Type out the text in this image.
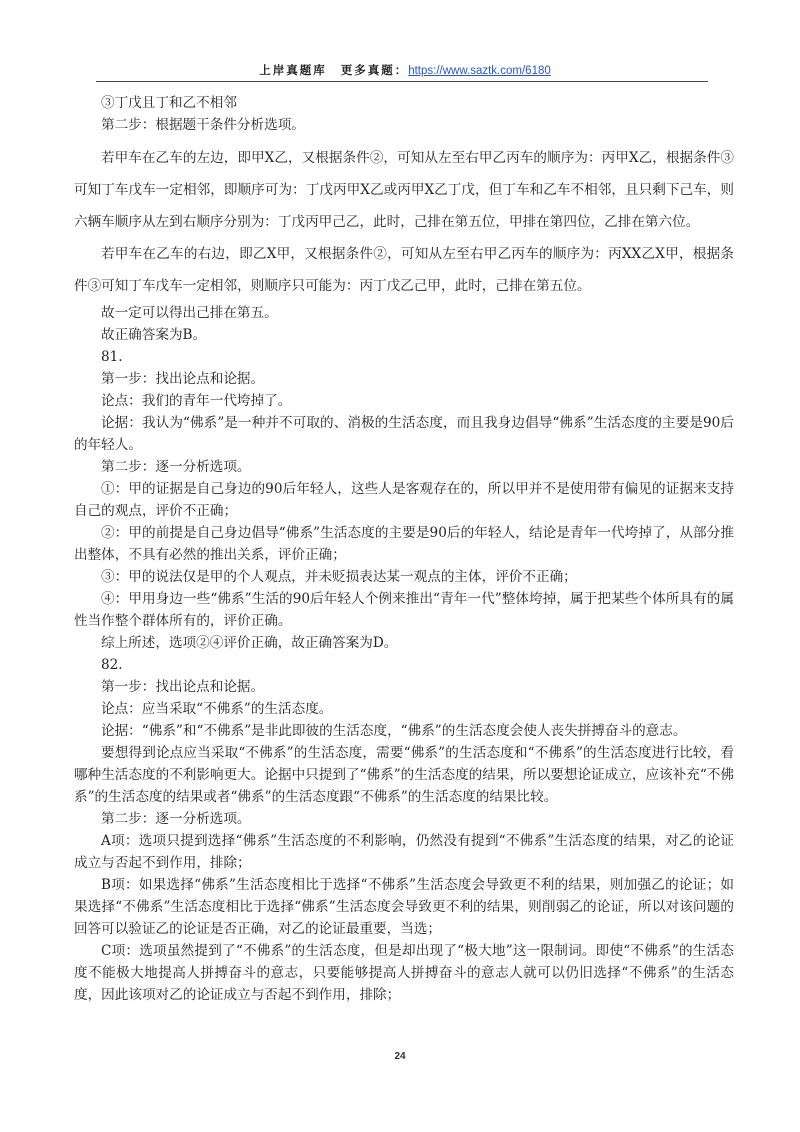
上岸真题库 更多真题：https://www.saztk.com/6180

③丁戊且丁和乙不相邻

第二步：根据题干条件分析选项。

若甲车在乙车的左边，即甲X乙，又根据条件②，可知从左至右甲乙丙车的顺序为：丙甲X乙，根据条件③可知丁车戊车一定相邻，即顺序可为：丁戊丙甲X乙或丙甲X乙丁戊，但丁车和乙车不相邻，且只剩下己车，则六辆车顺序从左到右顺序分别为：丁戊丙甲己乙，此时，己排在第五位，甲排在第四位，乙排在第六位。

若甲车在乙车的右边，即乙X甲，又根据条件②，可知从左至右甲乙丙车的顺序为：丙XX乙X甲，根据条件③可知丁车戊车一定相邻，则顺序只可能为：丙丁戊乙己甲，此时，己排在第五位。

故一定可以得出己排在第五。

故正确答案为B。

81.

第一步：找出论点和论据。

论点：我们的青年一代垮掉了。

论据：我认为“佛系”是一种并不可取的、消极的生活态度，而且我身边倡导“佛系”生活态度的主要是90后的年轻人。

第二步：逐一分析选项。

①：甲的证据是自己身边的90后年轻人，这些人是客观存在的，所以甲并不是使用带有偏见的证据来支持自己的观点，评价不正确；

②：甲的前提是自己身边倡导“佛系”生活态度的主要是90后的年轻人，结论是青年一代垮掉了，从部分推出整体，不具有必然的推出关系，评价正确；

③：甲的说法仅是甲的个人观点，并未贬损表达某一观点的主体，评价不正确；

④：甲用身边一些“佛系”生活的90后年轻人个例来推出“青年一代”整体垮掉，属于把某些个体所具有的属性当作整个群体所有的，评价正确。

综上所述，选项②④评价正确，故正确答案为D。

82.

第一步：找出论点和论据。

论点：应当采取“不佛系”的生活态度。

论据：“佛系”和“不佛系”是非此即彼的生活态度，“佛系”的生活态度会使人丧失拼搏奋斗的意志。

要想得到论点应当采取“不佛系”的生活态度，需要“佛系”的生活态度和“不佛系”的生活态度进行比较，看哪种生活态度的不利影响更大。论据中只提到了“佛系”的生活态度的结果，所以要想论证成立，应该补充“不佛系”的生活态度的结果或者“佛系”的生活态度跟“不佛系”的生活态度的结果比较。

第二步：逐一分析选项。

A项：选项只提到选择“佛系”生活态度的不利影响，仍然没有提到“不佛系”生活态度的结果，对乙的论证成立与否起不到作用，排除；

B项：如果选择“佛系”生活态度相比于选择“不佛系”生活态度会导致更不利的结果，则加强乙的论证；如果选择“不佛系”生活态度相比于选择“佛系”生活态度会导致更不利的结果，则削弱乙的论证，所以对该问题的回答可以验证乙的论证是否正确，对乙的论证最重要，当选；

C项：选项虽然提到了“不佛系”的生活态度，但是却出现了“极大地”这一限制词。即使“不佛系”的生活态度不能极大地提高人拼搏奋斗的意志，只要能够提高人拼搏奋斗的意志人就可以仍旧选择“不佛系”的生活态度，因此该项对乙的论证成立与否起不到作用，排除；

24
